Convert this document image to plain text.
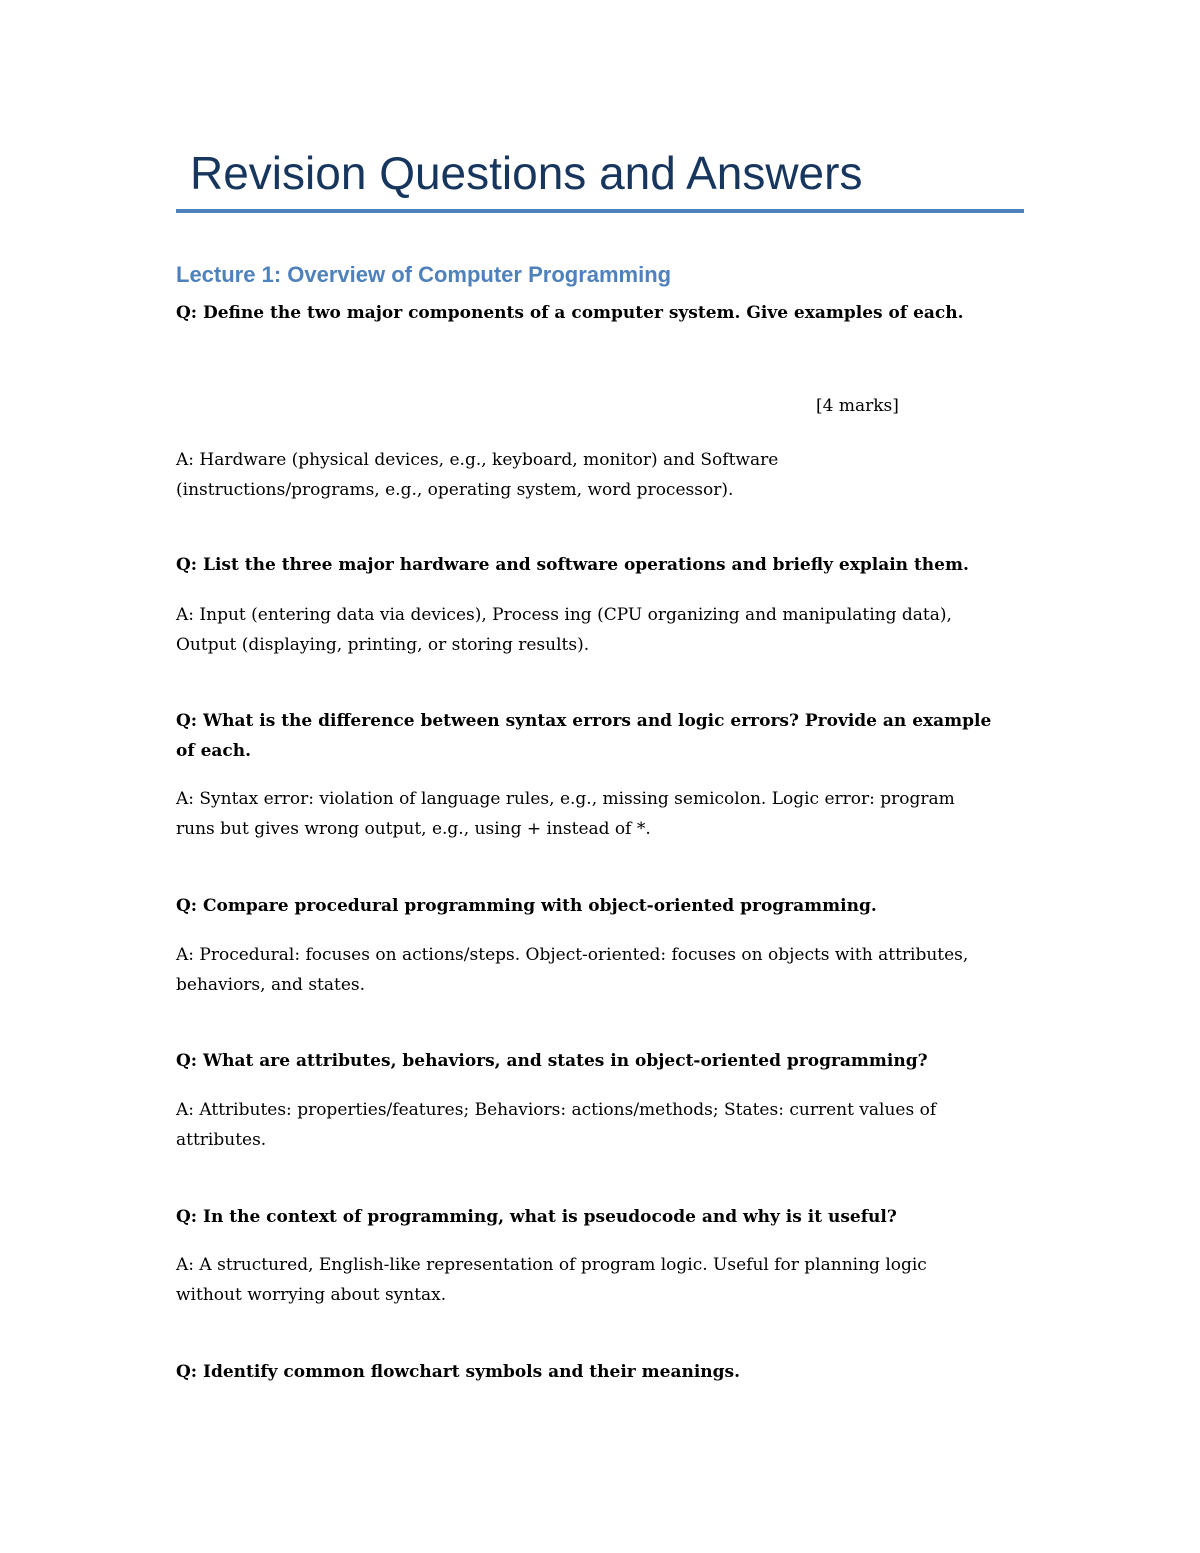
Revision Questions and Answers
Lecture 1: Overview of Computer Programming
Q: Define the two major components of a computer system. Give examples of each.
[4 marks]
A: Hardware (physical devices, e.g., keyboard, monitor) and Software
(instructions/programs, e.g., operating system, word processor).
Q: List the three major hardware and software operations and briefly explain them.
A: Input (entering data via devices), Process ing (CPU organizing and manipulating data),
Output (displaying, printing, or storing results).
Q: What is the difference between syntax errors and logic errors? Provide an example
of each.
A: Syntax error: violation of language rules, e.g., missing semicolon. Logic error: program
runs but gives wrong output, e.g., using + instead of *.
Q: Compare procedural programming with object-oriented programming.
A: Procedural: focuses on actions/steps. Object-oriented: focuses on objects with attributes,
behaviors, and states.
Q: What are attributes, behaviors, and states in object-oriented programming?
A: Attributes: properties/features; Behaviors: actions/methods; States: current values of
attributes.
Q: In the context of programming, what is pseudocode and why is it useful?
A: A structured, English-like representation of program logic. Useful for planning logic
without worrying about syntax.
Q: Identify common flowchart symbols and their meanings.
